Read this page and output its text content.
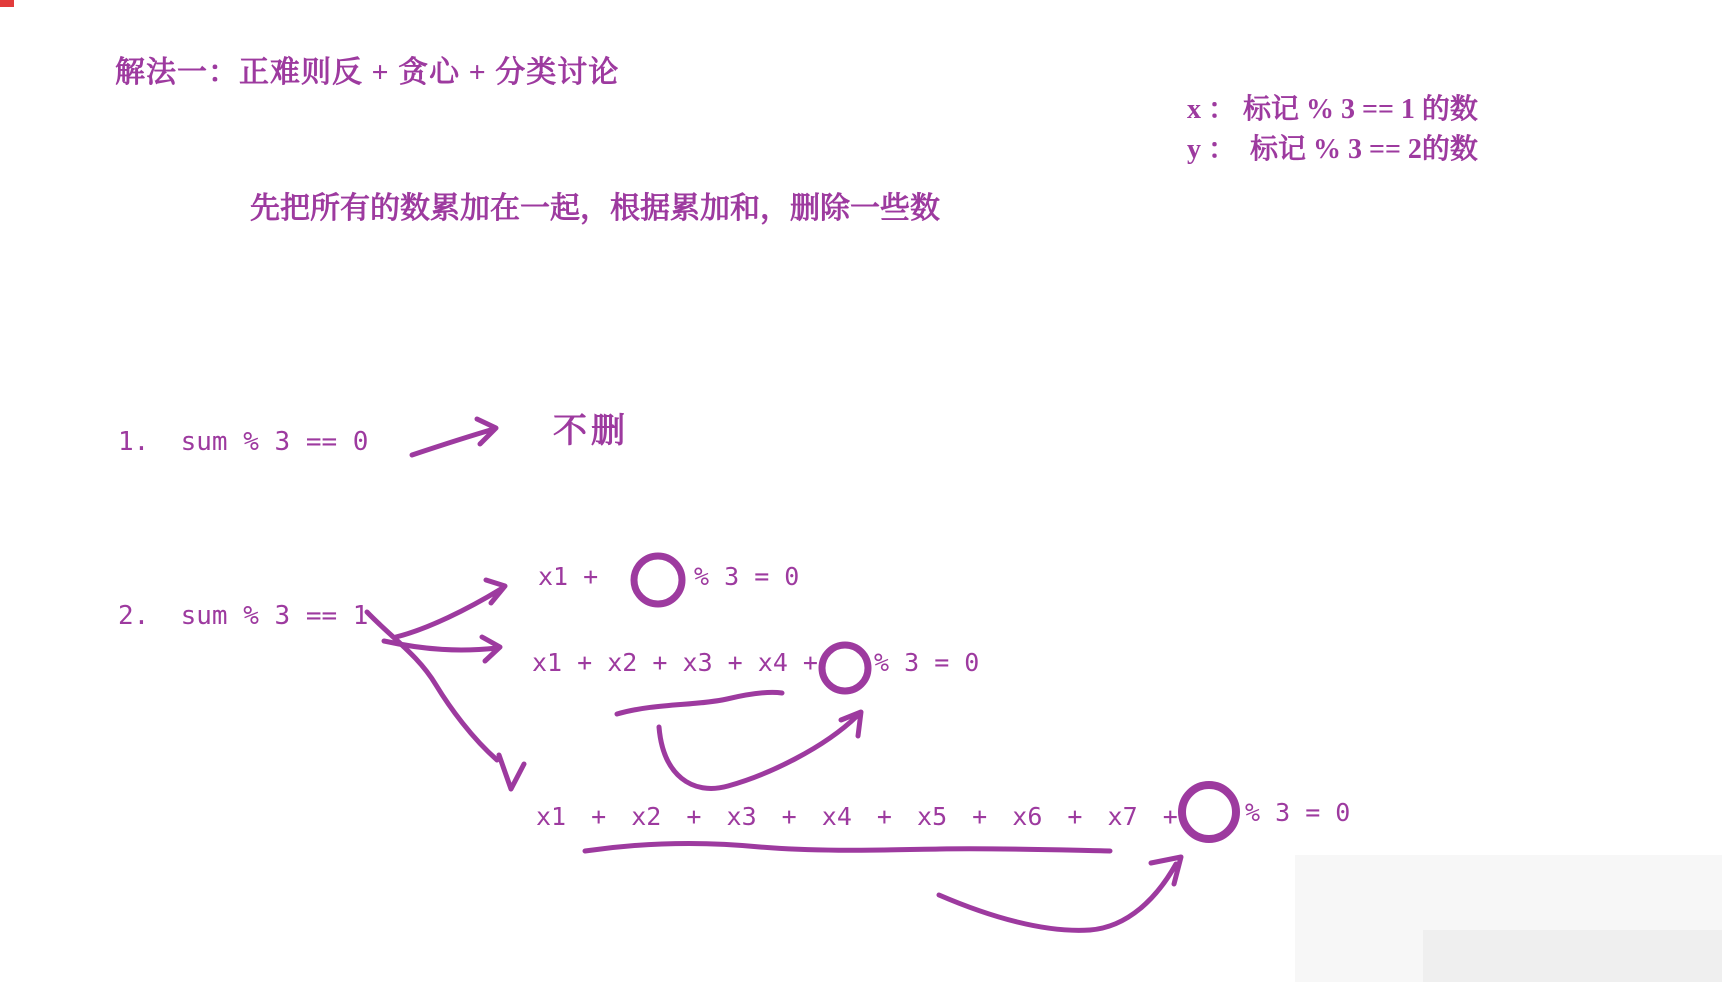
解法一：正难则反 + 贪心 + 分类讨论
x ： 标记 % 3 == 1 的数
y ：  标记 % 3 == 2的数
先把所有的数累加在一起，根据累加和，删除一些数
1.  sum % 3 == 0	不删
2.  sum % 3 == 1
x1 +	% 3 = 0
x1 + x2 + x3 + x4 + % 3 = 0
x1 + x2 + x3 + x4 + x5 + x6 + x7 +	% 3 = 0
